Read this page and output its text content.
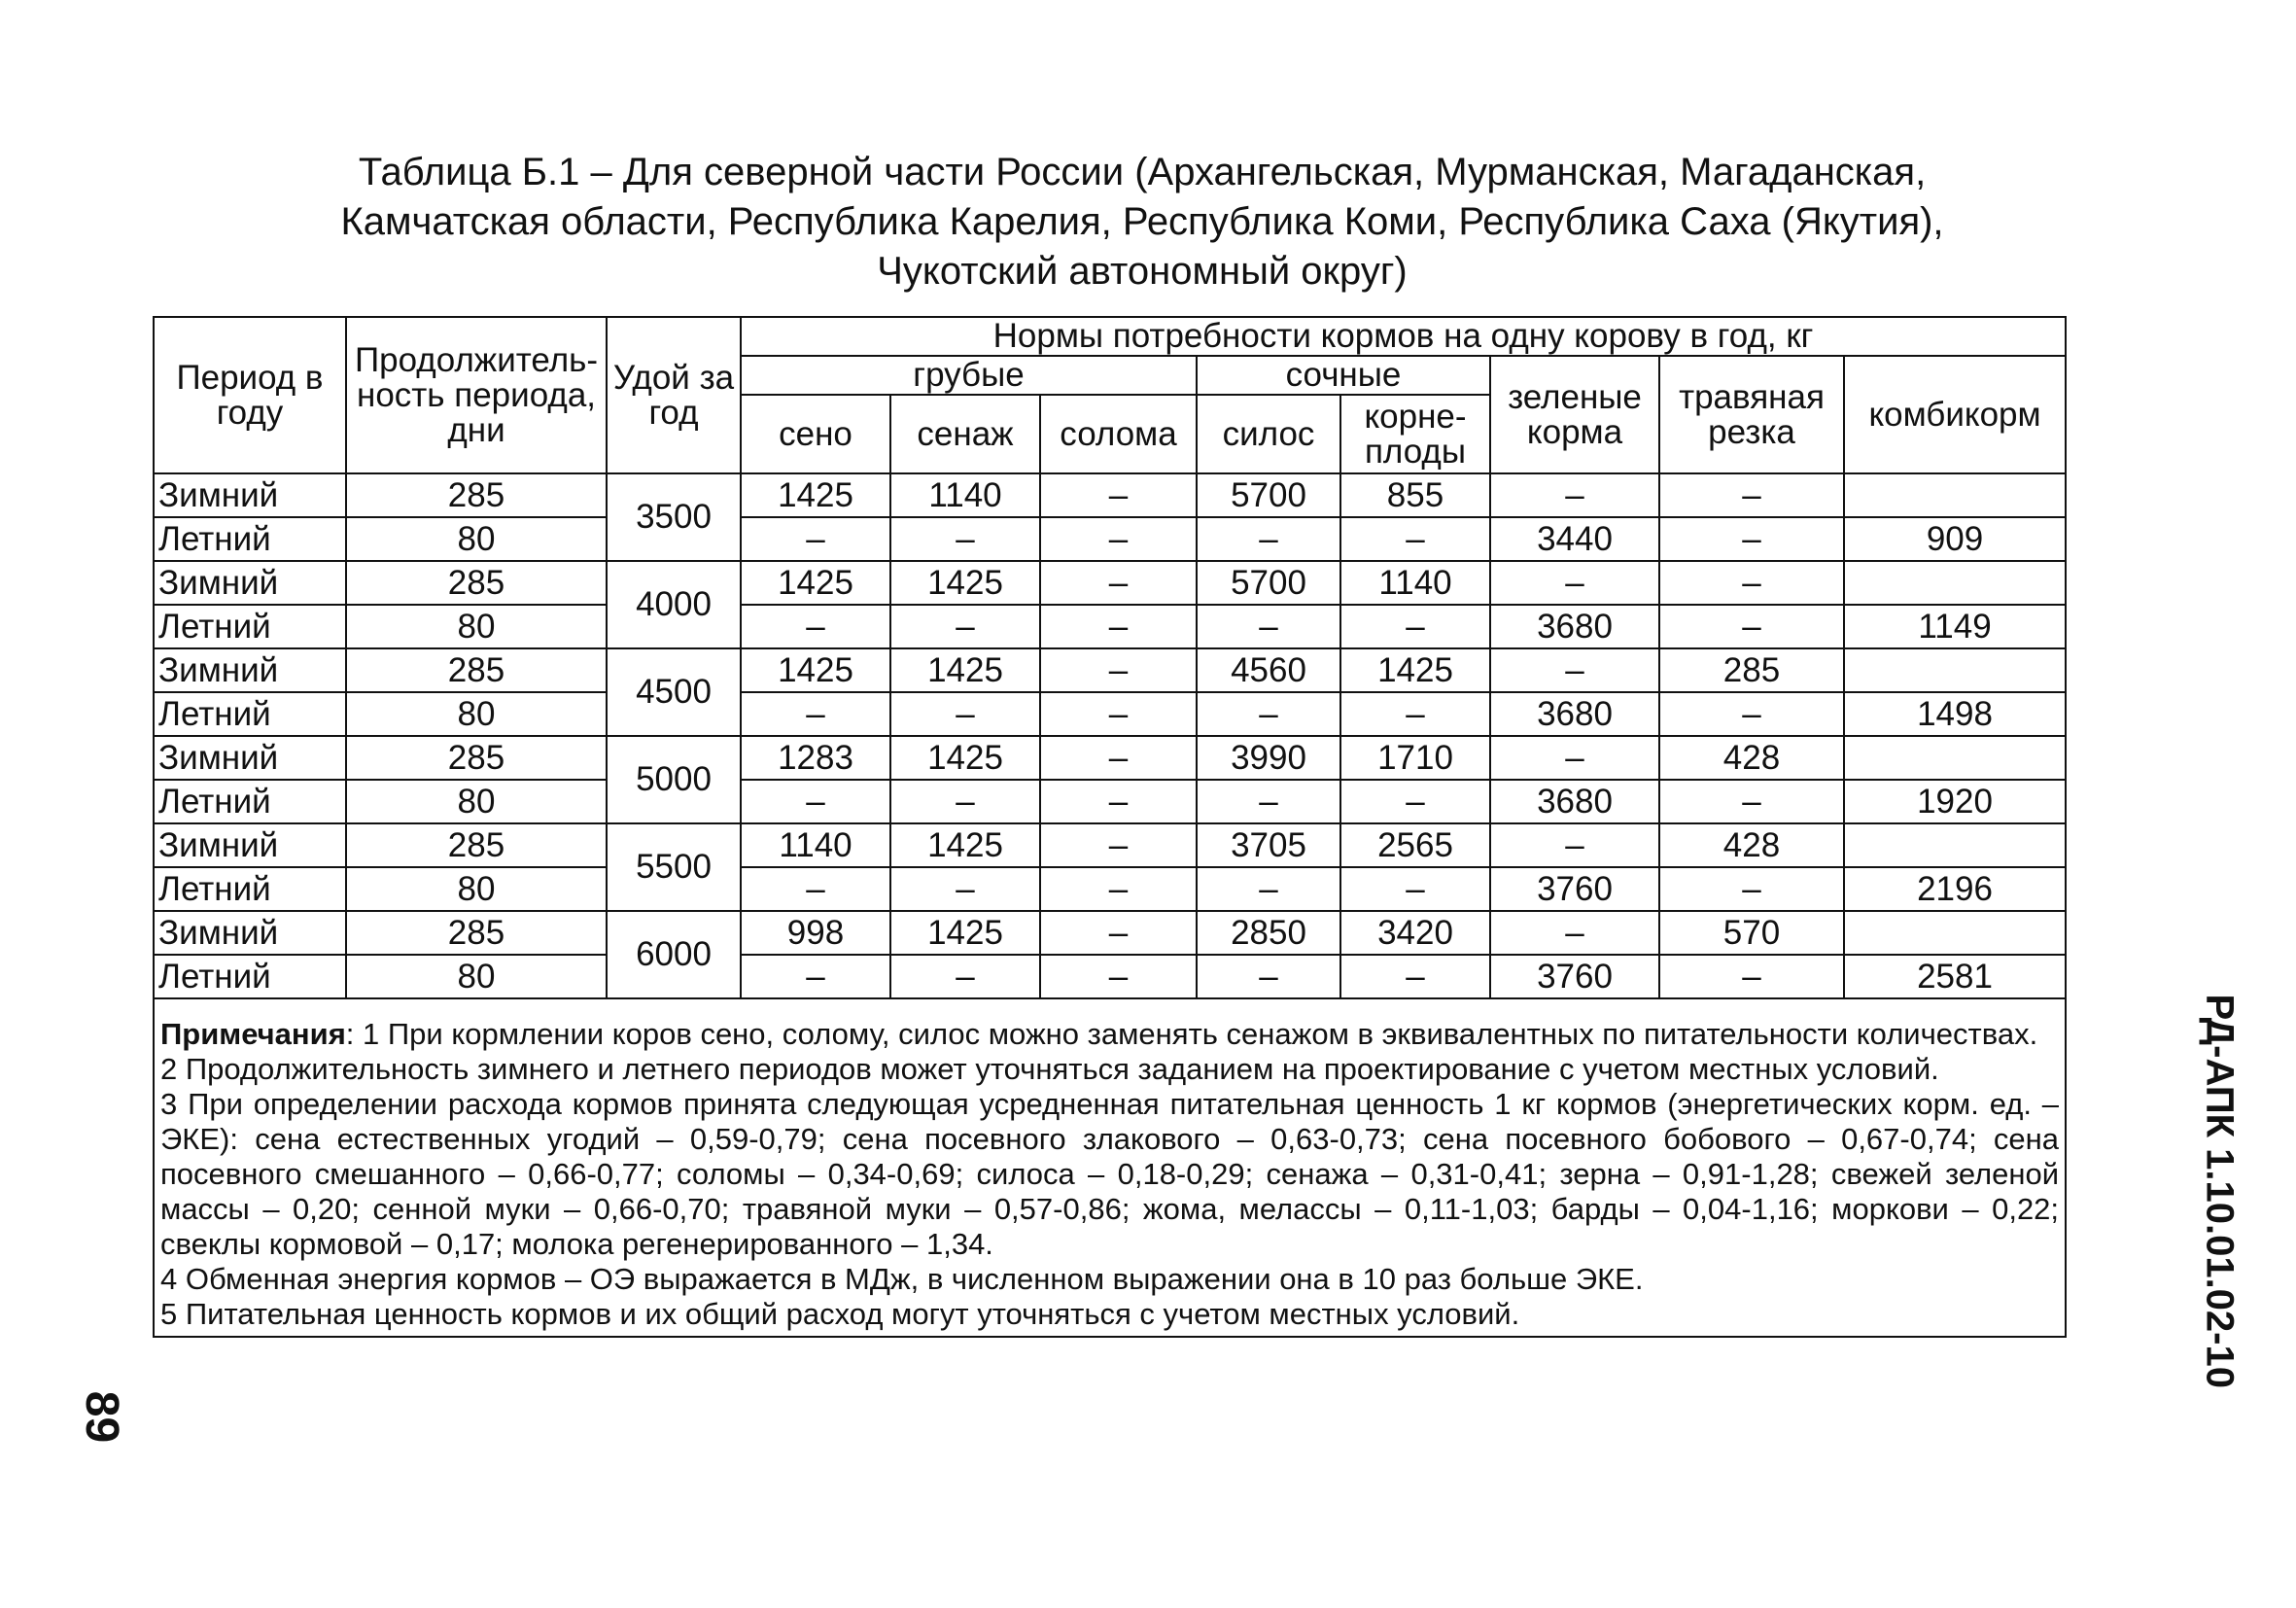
Таблица Б.1 – Для северной части России (Архангельская, Мурманская, Магаданская,
Камчатская области, Республика Карелия, Республика Коми, Республика Саха (Якутия),
Чукотский автономный округ)
Период в году	Продолжитель-ность периода, дни	Удой за год	Нормы потребности кормов на одну корову в год, кг							
			грубые			сочные		зеленые корма	травяная резка	комбикорм
			сено	сенаж	солома	силос	корне-плоды			
Зимний	285	3500	1425	1140	–	5700	855	–	–	
Летний	80		–	–	–	–	–	3440	–	909
Зимний	285	4000	1425	1425	–	5700	1140	–	–	
Летний	80		–	–	–	–	–	3680	–	1149
Зимний	285	4500	1425	1425	–	4560	1425	–	285	
Летний	80		–	–	–	–	–	3680	–	1498
Зимний	285	5000	1283	1425	–	3990	1710	–	428	
Летний	80		–	–	–	–	–	3680	–	1920
Зимний	285	5500	1140	1425	–	3705	2565	–	428	
Летний	80		–	–	–	–	–	3760	–	2196
Зимний	285	6000	998	1425	–	2850	3420	–	570	
Летний	80		–	–	–	–	–	3760	–	2581

Примечания: 1 При кормлении коров сено, солому, силос можно заменять сенажом в эквивалентных по питательности количествах.

2 Продолжительность зимнего и летнего периодов может уточняться заданием на проектирование с учетом местных условий.

3 При определении расхода кормов принята следующая усредненная питательная ценность 1 кг кормов (энергетических корм. ед. – ЭКЕ): сена естественных угодий – 0,59-0,79; сена посевного злакового – 0,63-0,73; сена посевного бобового – 0,67-0,74; сена посевного смешанного – 0,66-0,77; соломы – 0,34-0,69; силоса – 0,18-0,29; сенажа – 0,31-0,41; зерна – 0,91-1,28; свежей зеленой массы – 0,20; сенной муки – 0,66-0,70; травяной муки – 0,57-0,86; жома, мелассы – 0,11-1,03; барды – 0,04-1,16; моркови – 0,22; свеклы кормовой – 0,17; молока регенерированного – 1,34.

4 Обменная энергия кормов – ОЭ выражается в МДж, в численном выражении она в 10 раз больше ЭКЕ.

5 Питательная ценность кормов и их общий расход могут уточняться с учетом местных условий.										

89
РД-АПК 1.10.01.02-10
